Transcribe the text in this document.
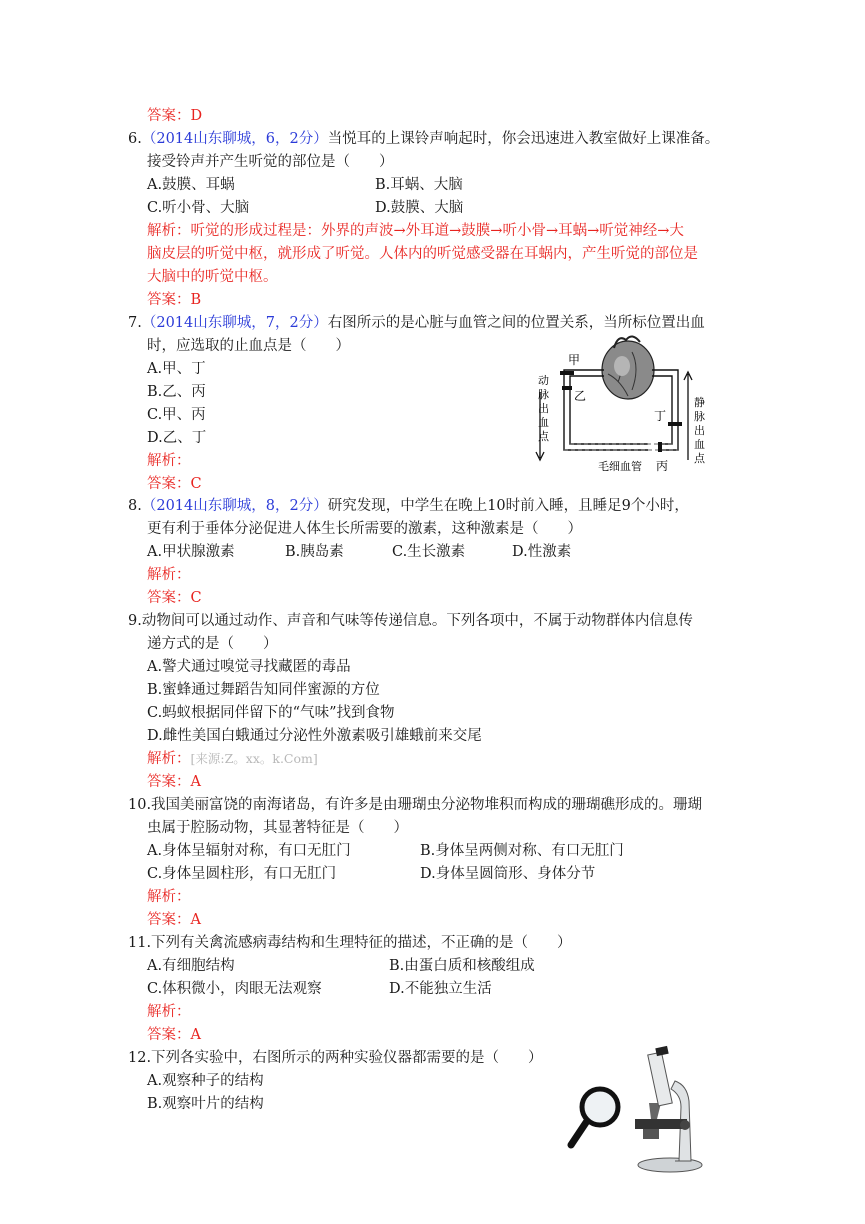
答案：D
6.（2014山东聊城，6，2分）当悦耳的上课铃声响起时，你会迅速进入教室做好上课准备。
接受铃声并产生听觉的部位是（　　）
A.鼓膜、耳蜗	B.耳蜗、大脑
C.听小骨、大脑	D.鼓膜、大脑
解析：听觉的形成过程是：外界的声波→外耳道→鼓膜→听小骨→耳蜗→听觉神经→大
脑皮层的听觉中枢，就形成了听觉。人体内的听觉感受器在耳蜗内，产生听觉的部位是
大脑中的听觉中枢。
答案：B
7.（2014山东聊城，7，2分）右图所示的是心脏与血管之间的位置关系，当所标位置出血
时，应选取的止血点是（　　）
A.甲、丁
B.乙、丙
C.甲、丙
D.乙、丁
解析：
答案：C
甲
乙
丁
丙
毛细血管
动
脉
出
血
点
静
脉
出
血
点
8.（2014山东聊城，8，2分）研究发现，中学生在晚上10时前入睡，且睡足9个小时，
更有利于垂体分泌促进人体生长所需要的激素，这种激素是（　　）
A.甲状腺激素	B.胰岛素	C.生长激素	D.性激素
解析：
答案：C
9.动物间可以通过动作、声音和气味等传递信息。下列各项中，不属于动物群体内信息传
递方式的是（　　）
A.警犬通过嗅觉寻找藏匿的毒品
B.蜜蜂通过舞蹈告知同伴蜜源的方位
C.蚂蚁根据同伴留下的“气味”找到食物
D.雌性美国白蛾通过分泌性外激素吸引雄蛾前来交尾
解析：[来源:Z。xx。k.Com]
答案：A
10.我国美丽富饶的南海诸岛，有许多是由珊瑚虫分泌物堆积而构成的珊瑚礁形成的。珊瑚
虫属于腔肠动物，其显著特征是（　　）
A.身体呈辐射对称，有口无肛门	B.身体呈两侧对称、有口无肛门
C.身体呈圆柱形，有口无肛门	D.身体呈圆筒形、身体分节
解析：
答案：A
11.下列有关禽流感病毒结构和生理特征的描述，不正确的是（　　）
A.有细胞结构	B.由蛋白质和核酸组成
C.体积微小，肉眼无法观察	D.不能独立生活
解析：
答案：A
12.下列各实验中，右图所示的两种实验仪器都需要的是（　　）
A.观察种子的结构
B.观察叶片的结构
